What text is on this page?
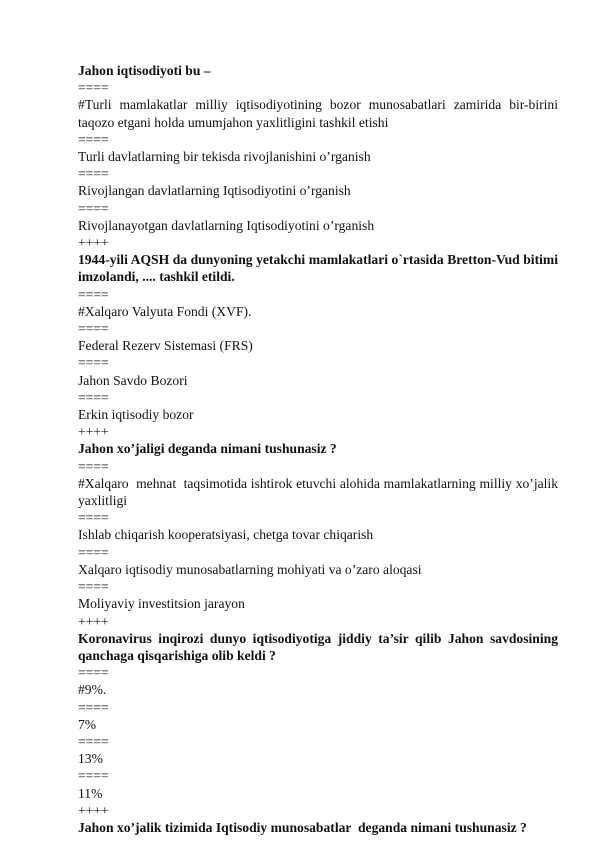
Jahon iqtisodiyoti bu –
====
#Turli mamlakatlar milliy iqtisodiyotining bozor munosabatlari zamirida bir-birini taqozo etgani holda umumjahon yaxlitligini tashkil etishi
====
Turli davlatlarning bir tekisda rivojlanishini o’rganish
====
Rivojlangan davlatlarning Iqtisodiyotini o’rganish
====
Rivojlanayotgan davlatlarning Iqtisodiyotini o’rganish
++++
1944-yili AQSH da dunyoning yetakchi mamlakatlari o`rtasida Bretton-Vud bitimi imzolandi, .... tashkil etildi.
====
#Xalqaro Valyuta Fondi (XVF).
====
Federal Rezerv Sistemasi (FRS)
====
Jahon Savdo Bozori
====
Erkin iqtisodiy bozor
++++
Jahon xo’jaligi deganda nimani tushunasiz ?
====
#Xalqaro  mehnat  taqsimotida ishtirok etuvchi alohida mamlakatlarning milliy xo’jalik yaxlitligi
====
Ishlab chiqarish kooperatsiyasi, chetga tovar chiqarish
====
Xalqaro iqtisodiy munosabatlarning mohiyati va o’zaro aloqasi
====
Moliyaviy investitsion jarayon
++++
Koronavirus inqirozi dunyo iqtisodiyotiga jiddiy ta’sir qilib Jahon savdosining qanchaga qisqarishiga olib keldi ?
====
#9%.
====
7%
====
13%
====
11%
++++
Jahon xo’jalik tizimida Iqtisodiy munosabatlar  deganda nimani tushunasiz ?
